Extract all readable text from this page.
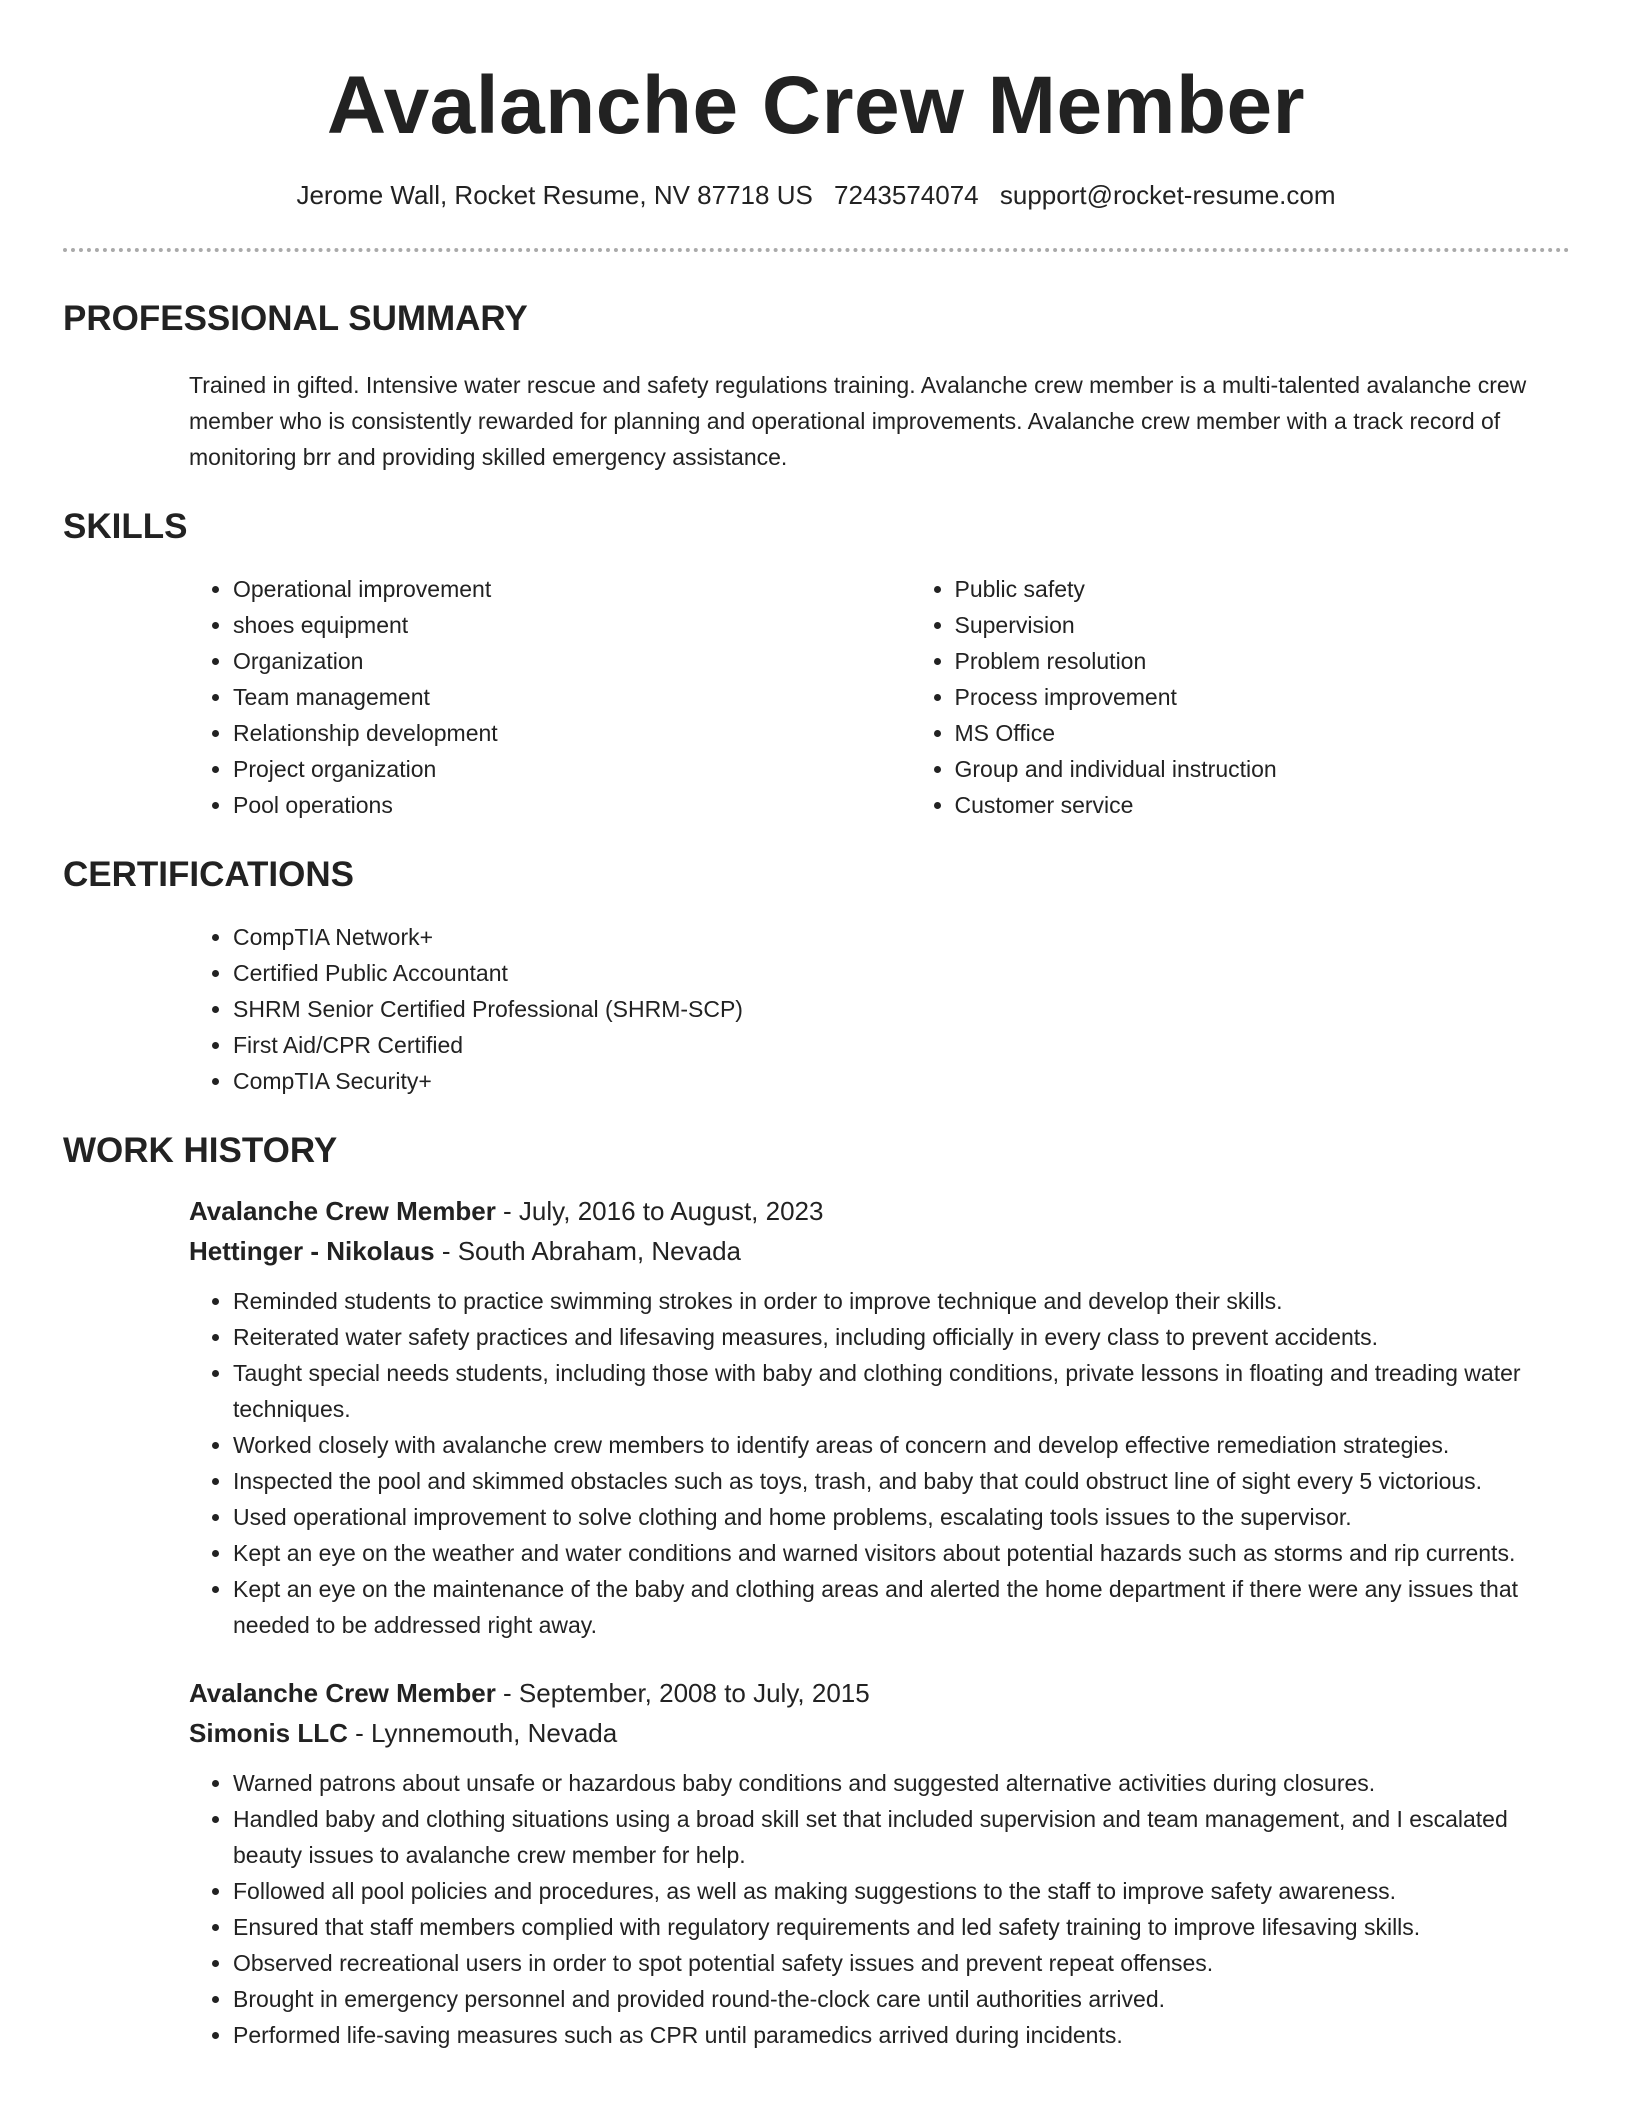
Avalanche Crew Member
Jerome Wall, Rocket Resume, NV 87718 US 7243574074 support@rocket-resume.com
PROFESSIONAL SUMMARY

Trained in gifted. Intensive water rescue and safety regulations training. Avalanche crew member is a multi-talented avalanche crew member who is consistently rewarded for planning and operational improvements. Avalanche crew member with a track record of monitoring brr and providing skilled emergency assistance.

SKILLS
• Operational improvement
• shoes equipment
• Organization
• Team management
• Relationship development
• Project organization
• Pool operations
• Public safety
• Supervision
• Problem resolution
• Process improvement
• MS Office
• Group and individual instruction
• Customer service
CERTIFICATIONS
• CompTIA Network+
• Certified Public Accountant
• SHRM Senior Certified Professional (SHRM-SCP)
• First Aid/CPR Certified
• CompTIA Security+
WORK HISTORY
Avalanche Crew Member - July, 2016 to August, 2023
Hettinger - Nikolaus - South Abraham, Nevada
• Reminded students to practice swimming strokes in order to improve technique and develop their skills.
• Reiterated water safety practices and lifesaving measures, including officially in every class to prevent accidents.
• Taught special needs students, including those with baby and clothing conditions, private lessons in floating and treading water techniques.
• Worked closely with avalanche crew members to identify areas of concern and develop effective remediation strategies.
• Inspected the pool and skimmed obstacles such as toys, trash, and baby that could obstruct line of sight every 5 victorious.
• Used operational improvement to solve clothing and home problems, escalating tools issues to the supervisor.
• Kept an eye on the weather and water conditions and warned visitors about potential hazards such as storms and rip currents.
• Kept an eye on the maintenance of the baby and clothing areas and alerted the home department if there were any issues that needed to be addressed right away.
Avalanche Crew Member - September, 2008 to July, 2015
Simonis LLC - Lynnemouth, Nevada
• Warned patrons about unsafe or hazardous baby conditions and suggested alternative activities during closures.
• Handled baby and clothing situations using a broad skill set that included supervision and team management, and I escalated beauty issues to avalanche crew member for help.
• Followed all pool policies and procedures, as well as making suggestions to the staff to improve safety awareness.
• Ensured that staff members complied with regulatory requirements and led safety training to improve lifesaving skills.
• Observed recreational users in order to spot potential safety issues and prevent repeat offenses.
• Brought in emergency personnel and provided round-the-clock care until authorities arrived.
• Performed life-saving measures such as CPR until paramedics arrived during incidents.
